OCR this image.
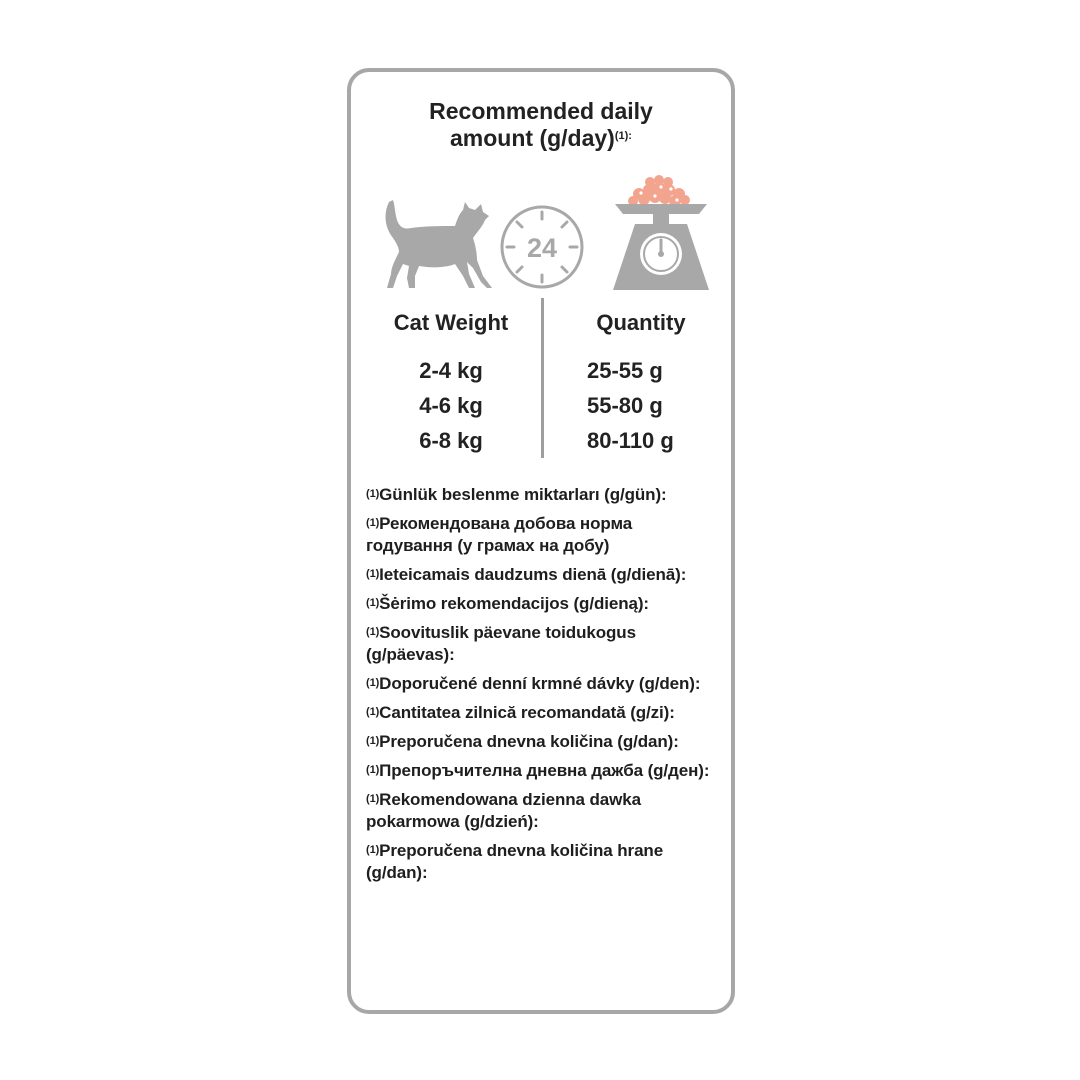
Recommended daily
amount $(g/day)^{(1):}$
24
Cat Weight	Quantity
2-4 kg	25-55 g
4-6 kg	55-80 g
6-8 kg	80-110 g
$^{(1)}$Günlük beslenme miktarları (g/gün):
$^{(1)}$Рекомендована добова норма годування (у грамах на добу)
$^{(1)}$Ieteicamais daudzums dienā (g/dienā):
$^{(1)}$Šėrimo rekomendacijos (g/dieną):
$^{(1)}$Soovituslik päevane toidukogus (g/päevas):
$^{(1)}$Doporučené denní krmné dávky (g/den):
$^{(1)}$Cantitatea zilnică recomandată (g/zi):
$^{(1)}$Preporučena dnevna količina (g/dan):
$^{(1)}$Препоръчителна дневна дажба (g/ден):
$^{(1)}$Rekomendowana dzienna dawka pokarmowa (g/dzień):
$^{(1)}$Preporučena dnevna količina hrane (g/dan):
